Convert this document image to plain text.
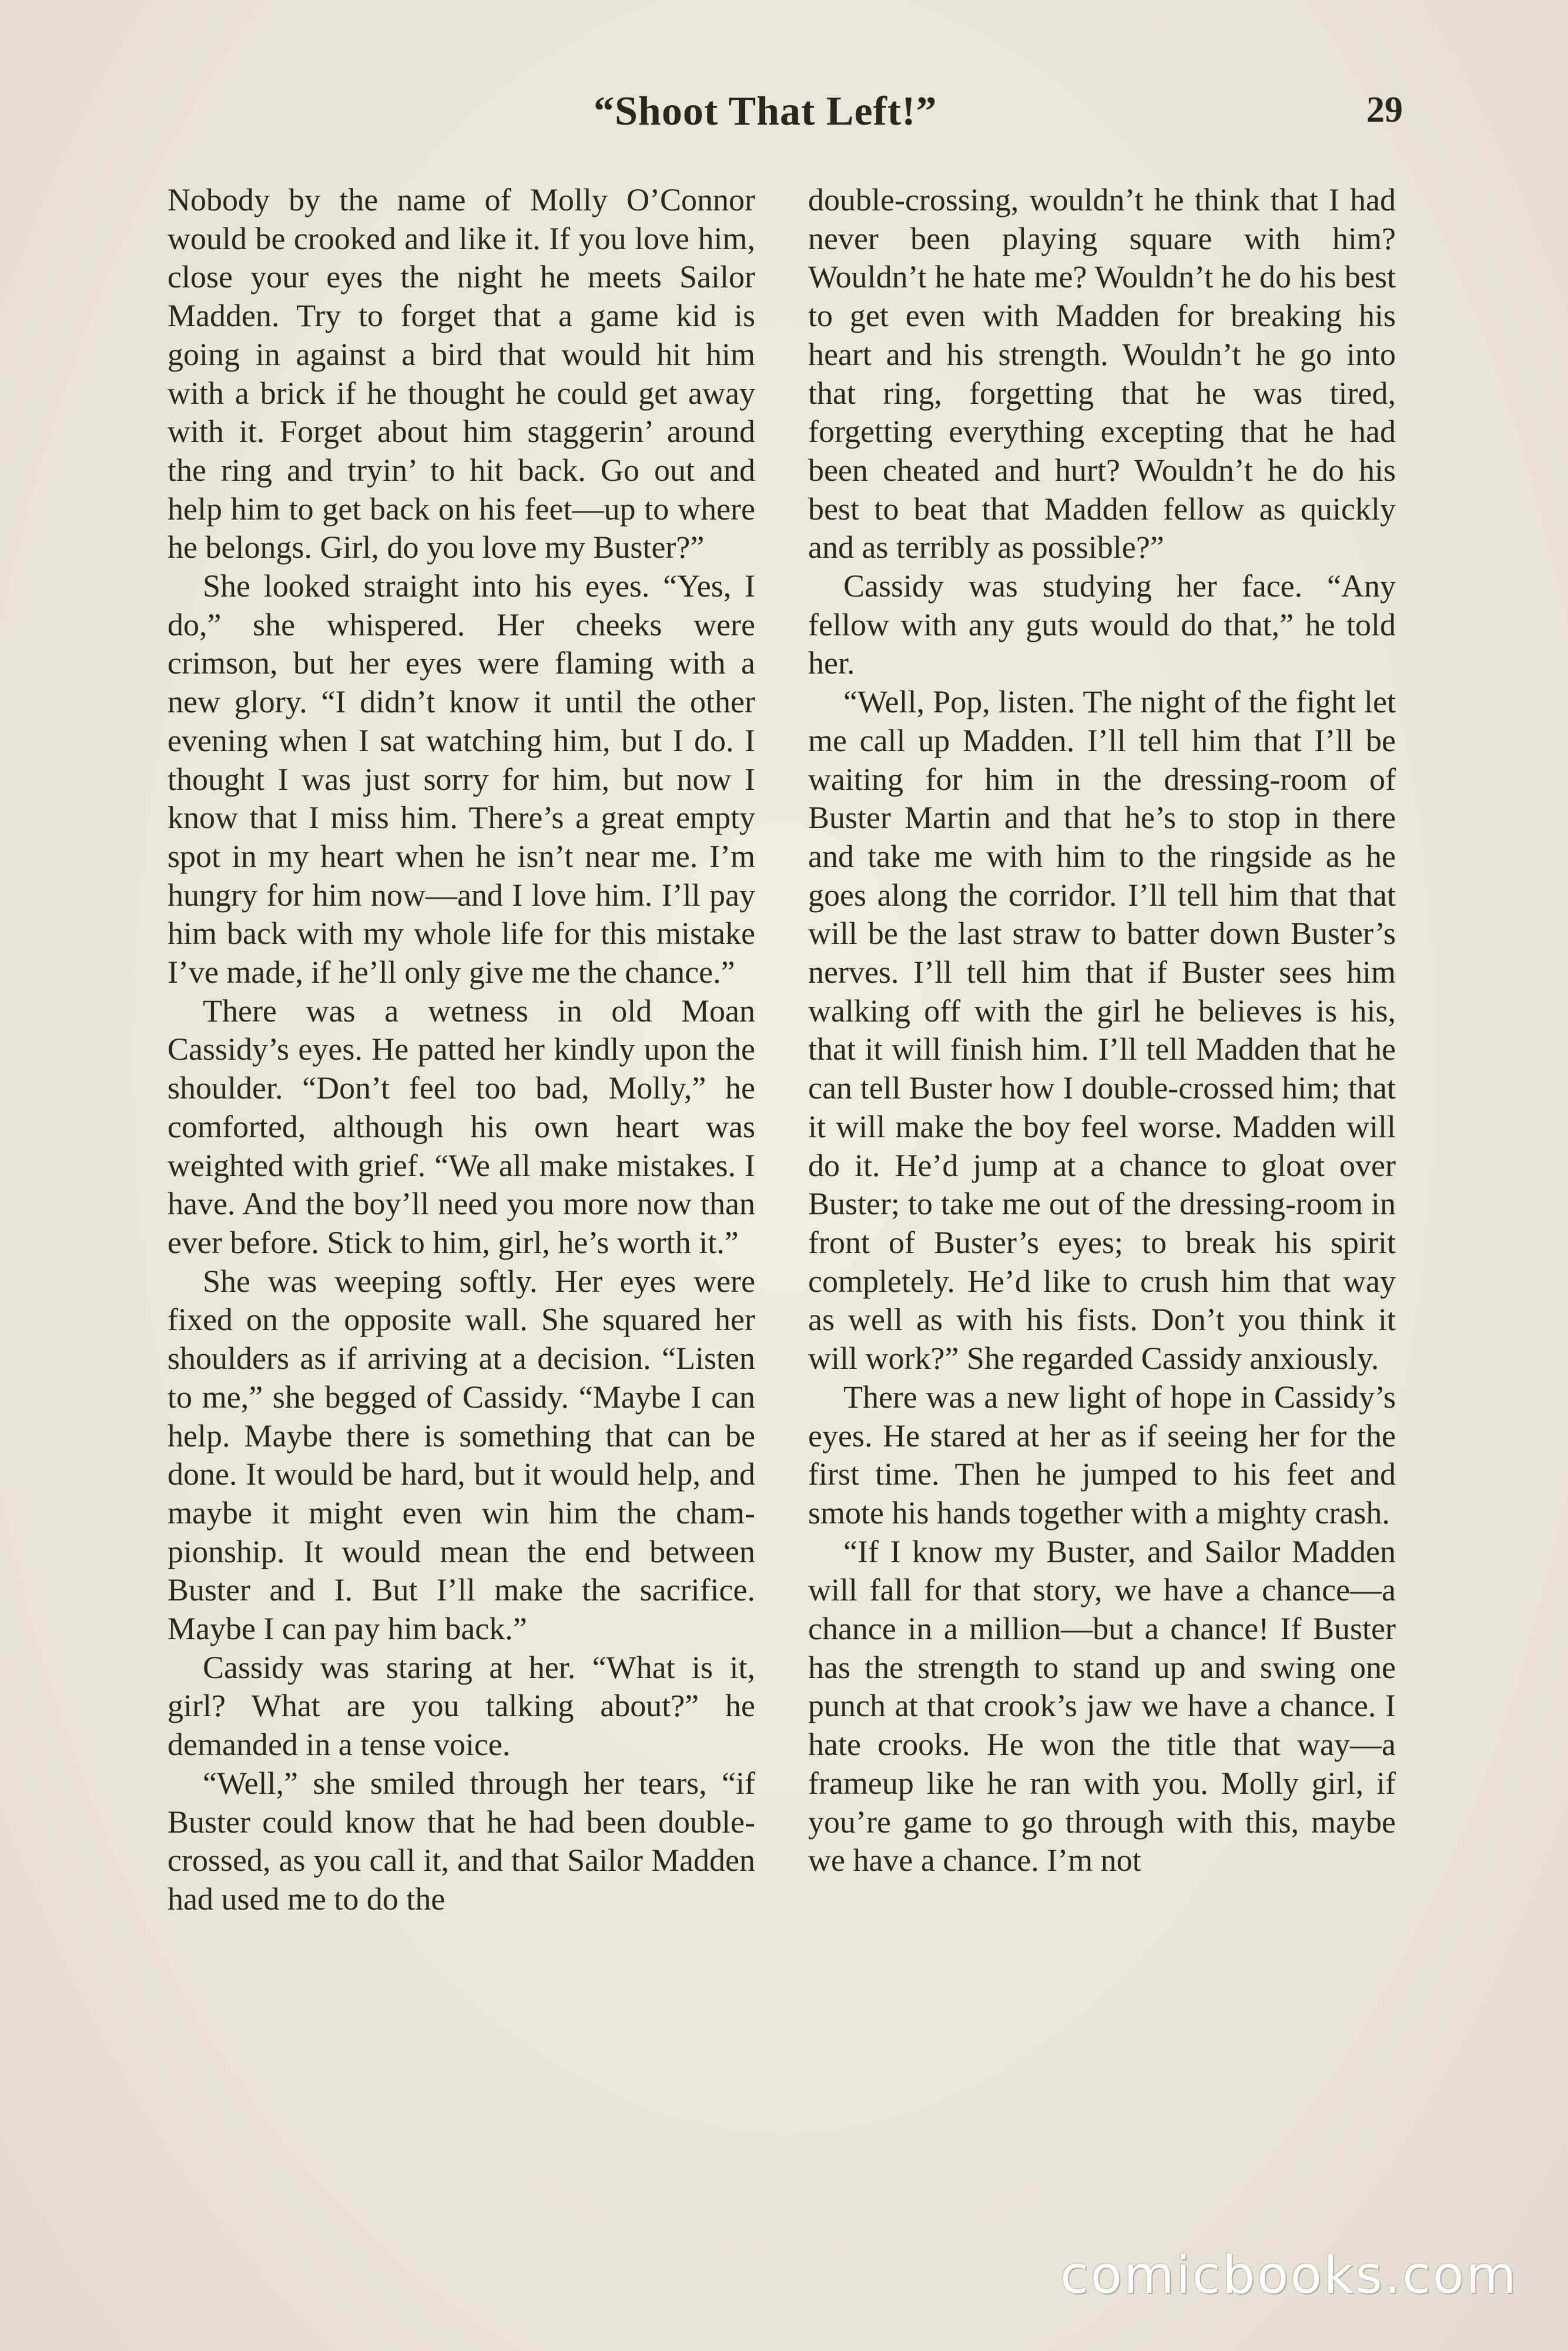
“Shoot That Left!”	29

Nobody by the name of Molly O’Connor would be crooked and like it. If you love him, close your eyes the night he meets Sailor Madden. Try to forget that a game kid is going in against a bird that would hit him with a brick if he thought he could get away with it. Forget about him staggerin’ around the ring and tryin’ to hit back. Go out and help him to get back on his feet—up to where he belongs. Girl, do you love my Buster?”

She looked straight into his eyes. “Yes, I do,” she whispered. Her cheeks were crimson, but her eyes were flaming with a new glory. “I didn’t know it until the other evening when I sat watching him, but I do. I thought I was just sorry for him, but now I know that I miss him. There’s a great empty spot in my heart when he isn’t near me. I’m hungry for him now—and I love him. I’ll pay him back with my whole life for this mistake I’ve made, if he’ll only give me the chance.”

There was a wetness in old Moan Cassidy’s eyes. He patted her kindly upon the shoulder. “Don’t feel too bad, Molly,” he comforted, although his own heart was weighted with grief. “We all make mistakes. I have. And the boy’ll need you more now than ever before. Stick to him, girl, he’s worth it.”

She was weeping softly. Her eyes were fixed on the opposite wall. She squared her shoulders as if arriving at a decision. “Listen to me,” she begged of Cassidy. “Maybe I can help. Maybe there is something that can be done. It would be hard, but it would help, and maybe it might even win him the championship. It would mean the end between Buster and I. But I’ll make the sacrifice. Maybe I can pay him back.”

Cassidy was staring at her. “What is it, girl? What are you talking about?” he demanded in a tense voice.

“Well,” she smiled through her tears, “if Buster could know that he had been double-crossed, as you call it, and that Sailor Madden had used me to do the

double-crossing, wouldn’t he think that I had never been playing square with him? Wouldn’t he hate me? Wouldn’t he do his best to get even with Madden for breaking his heart and his strength. Wouldn’t he go into that ring, forgetting that he was tired, forgetting everything excepting that he had been cheated and hurt? Wouldn’t he do his best to beat that Madden fellow as quickly and as terribly as possible?”

Cassidy was studying her face. “Any fellow with any guts would do that,” he told her.

“Well, Pop, listen. The night of the fight let me call up Madden. I’ll tell him that I’ll be waiting for him in the dressing-room of Buster Martin and that he’s to stop in there and take me with him to the ringside as he goes along the corridor. I’ll tell him that that will be the last straw to batter down Buster’s nerves. I’ll tell him that if Buster sees him walking off with the girl he believes is his, that it will finish him. I’ll tell Madden that he can tell Buster how I double-crossed him; that it will make the boy feel worse. Madden will do it. He’d jump at a chance to gloat over Buster; to take me out of the dressing-room in front of Buster’s eyes; to break his spirit completely. He’d like to crush him that way as well as with his fists. Don’t you think it will work?” She regarded Cassidy anxiously.

There was a new light of hope in Cassidy’s eyes. He stared at her as if seeing her for the first time. Then he jumped to his feet and smote his hands together with a mighty crash.

“If I know my Buster, and Sailor Madden will fall for that story, we have a chance—a chance in a million—but a chance! If Buster has the strength to stand up and swing one punch at that crook’s jaw we have a chance. I hate crooks. He won the title that way—a frameup like he ran with you. Molly girl, if you’re game to go through with this, maybe we have a chance. I’m not

comicbooks.com
